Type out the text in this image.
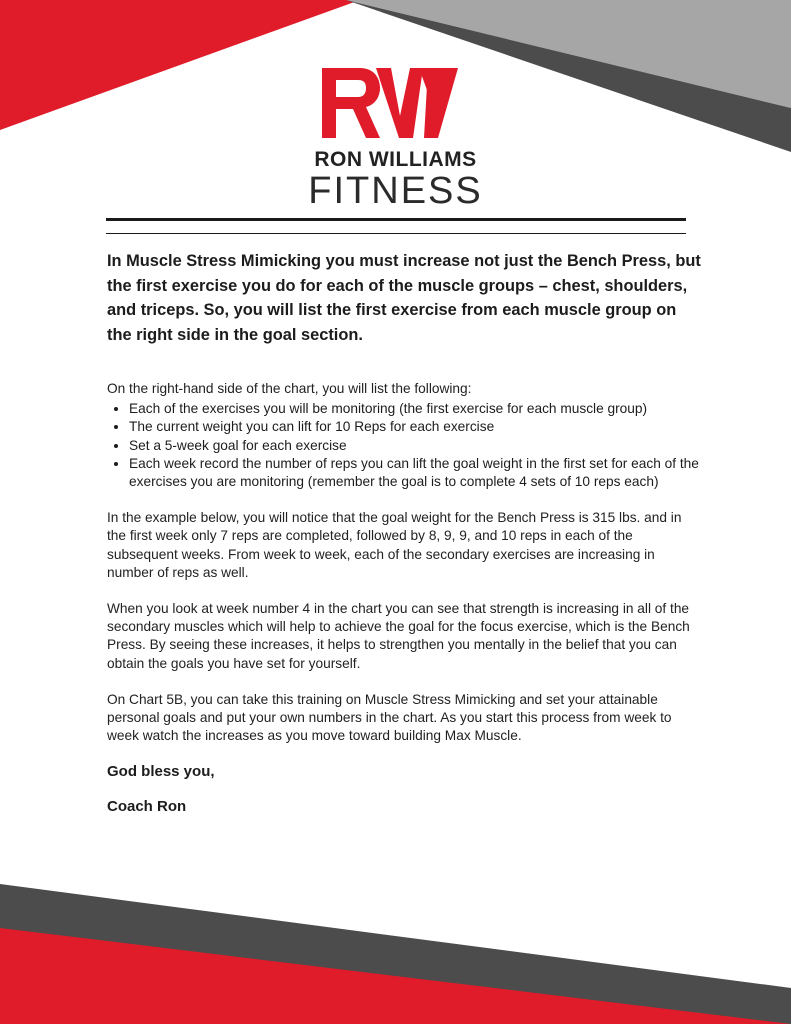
RON WILLIAMS
FITNESS

In Muscle Stress Mimicking you must increase not just the Bench Press, but the first exercise you do for each of the muscle groups – chest, shoulders, and triceps. So, you will list the first exercise from each muscle group on the right side in the goal section.

On the right-hand side of the chart, you will list the following:

• Each of the exercises you will be monitoring (the first exercise for each muscle group)
• The current weight you can lift for 10 Reps for each exercise
• Set a 5-week goal for each exercise
• Each week record the number of reps you can lift the goal weight in the first set for each of the exercises you are monitoring (remember the goal is to complete 4 sets of 10 reps each)

In the example below, you will notice that the goal weight for the Bench Press is 315 lbs. and in the first week only 7 reps are completed, followed by 8, 9, 9, and 10 reps in each of the subsequent weeks. From week to week, each of the secondary exercises are increasing in number of reps as well.

When you look at week number 4 in the chart you can see that strength is increasing in all of the secondary muscles which will help to achieve the goal for the focus exercise, which is the Bench Press. By seeing these increases, it helps to strengthen you mentally in the belief that you can obtain the goals you have set for yourself.

On Chart 5B, you can take this training on Muscle Stress Mimicking and set your attainable personal goals and put your own numbers in the chart. As you start this process from week to week watch the increases as you move toward building Max Muscle.

God bless you,

Coach Ron
